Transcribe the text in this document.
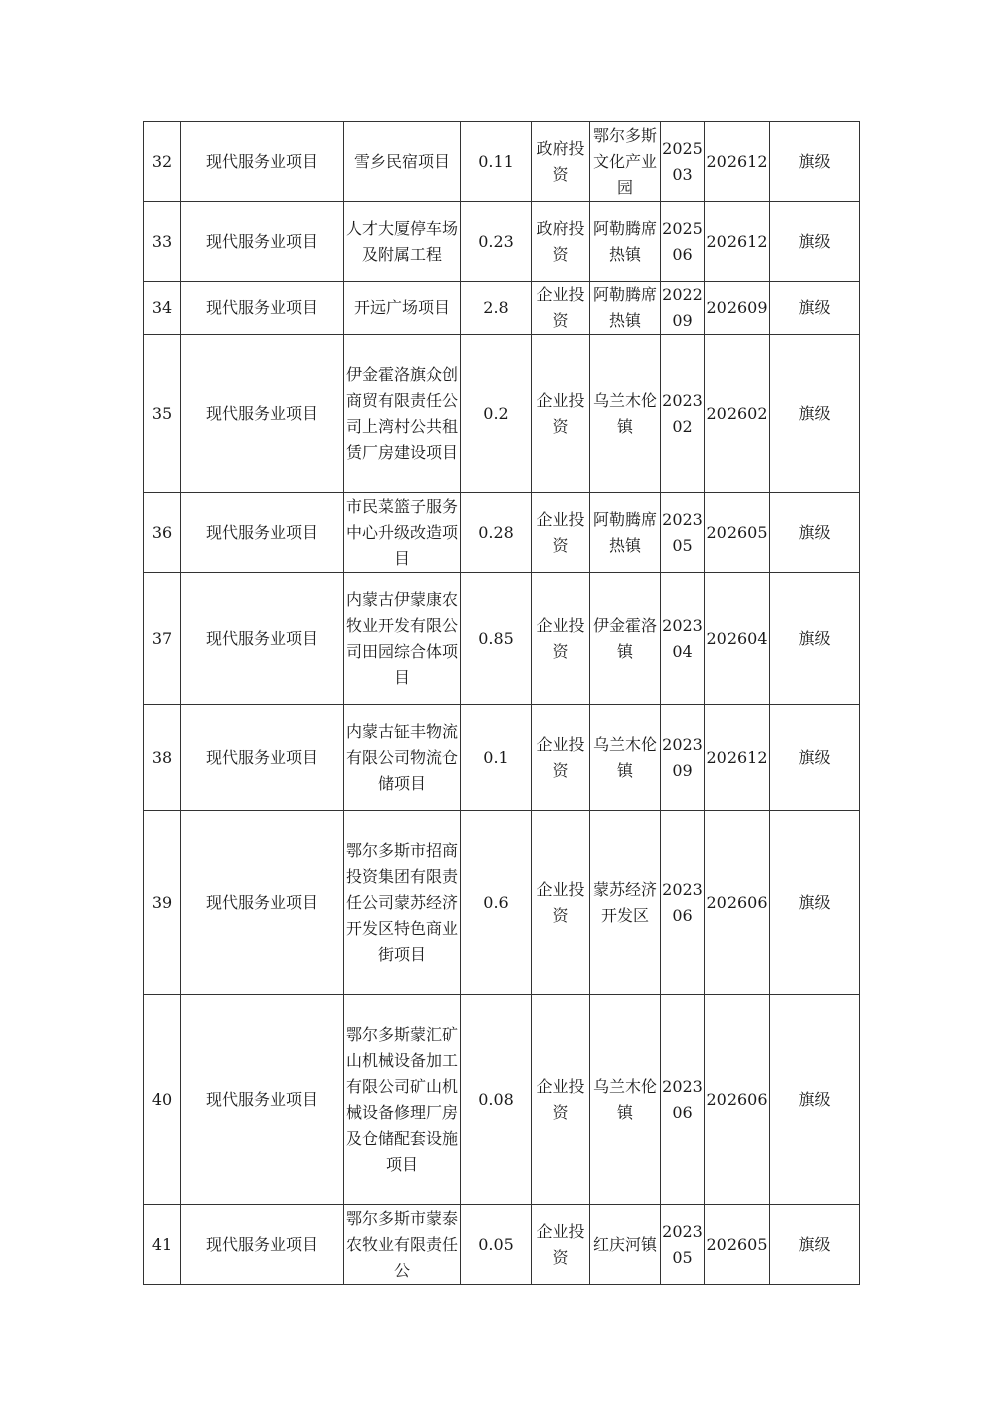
32	现代服务业项目	雪乡民宿项目	0.11	政府投资	鄂尔多斯文化产业园	202503	202612	旗级
33	现代服务业项目	人才大厦停车场及附属工程	0.23	政府投资	阿勒腾席热镇	202506	202612	旗级
34	现代服务业项目	开远广场项目	2.8	企业投资	阿勒腾席热镇	202209	202609	旗级
35	现代服务业项目	伊金霍洛旗众创商贸有限责任公司上湾村公共租赁厂房建设项目	0.2	企业投资	乌兰木伦镇	202302	202602	旗级
36	现代服务业项目	市民菜篮子服务中心升级改造项目	0.28	企业投资	阿勒腾席热镇	202305	202605	旗级
37	现代服务业项目	内蒙古伊蒙康农牧业开发有限公司田园综合体项目	0.85	企业投资	伊金霍洛镇	202304	202604	旗级
38	现代服务业项目	内蒙古钲丰物流有限公司物流仓储项目	0.1	企业投资	乌兰木伦镇	202309	202612	旗级
39	现代服务业项目	鄂尔多斯市招商投资集团有限责任公司蒙苏经济开发区特色商业街项目	0.6	企业投资	蒙苏经济开发区	202306	202606	旗级
40	现代服务业项目	鄂尔多斯蒙汇矿山机械设备加工有限公司矿山机械设备修理厂房及仓储配套设施项目	0.08	企业投资	乌兰木伦镇	202306	202606	旗级
41	现代服务业项目	鄂尔多斯市蒙泰农牧业有限责任公	0.05	企业投资	红庆河镇	202305	202605	旗级
